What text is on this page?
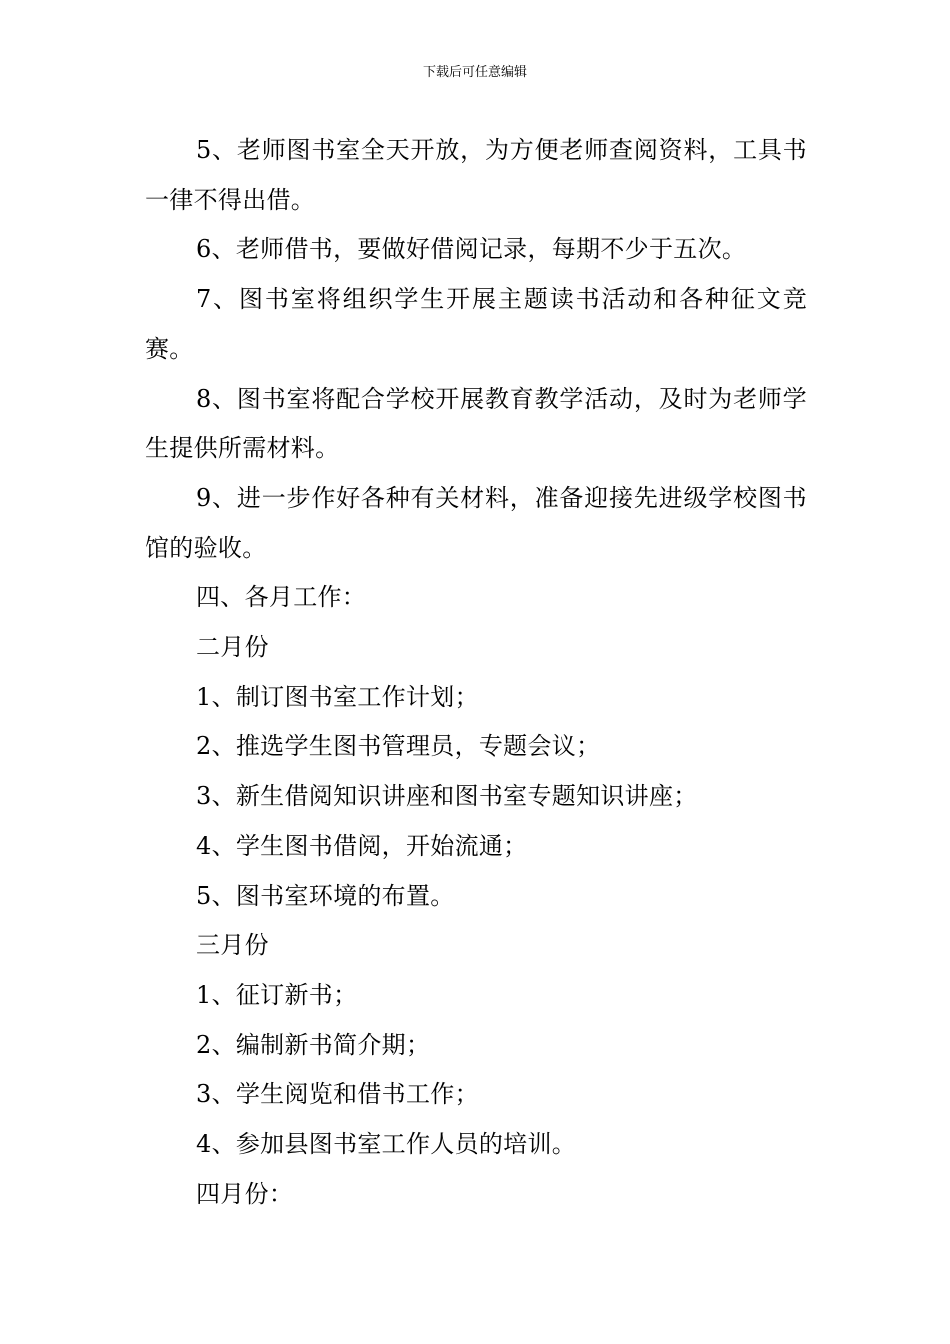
下载后可任意编辑

5、老师图书室全天开放，为方便老师查阅资料，工具书一律不得出借。

6、老师借书，要做好借阅记录，每期不少于五次。

7、图书室将组织学生开展主题读书活动和各种征文竞赛。

8、图书室将配合学校开展教育教学活动，及时为老师学生提供所需材料。

9、进一步作好各种有关材料，准备迎接先进级学校图书馆的验收。

四、各月工作：

二月份

1、制订图书室工作计划；

2、推选学生图书管理员，专题会议；

3、新生借阅知识讲座和图书室专题知识讲座；

4、学生图书借阅，开始流通；

5、图书室环境的布置。

三月份

1、征订新书；

2、编制新书简介期；

3、学生阅览和借书工作；

4、参加县图书室工作人员的培训。

四月份：
